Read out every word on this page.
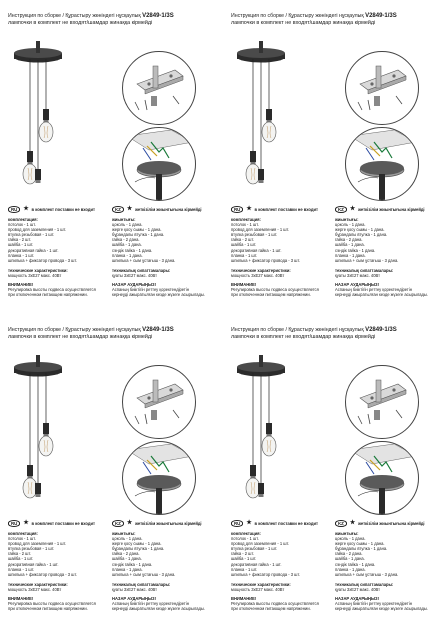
Инструкция по сборке / Құрастыру жөніндегі нұсқаулық V2849-1/3S
лампочки в комплект не входят/шамдар жинаққа кірмейді
RU	★ в комплект поставки не входит
комплектация:
потолок - 1 шт.
провод для заземления - 1 шт.
втулка резьбовая - 1 шт.
гайка - 2 шт.
шайба - 1 шт.
декоративная гайка - 1 шт.
планка - 1 шт.
шпилька + фиксатор провода - 3 шт.
технические характеристики:
мощность 3xE27 макс. 40Вт
ВНИМАНИЕ!
Регулировка высоты подвеса осуществляется
при отключенном питающем напряжении.
KZ	★ жеткізілім жиынтығына кірмейді
жиынтығы:
цоколь - 1 дана.
жерге қосу сымы - 1 дана.
бұрандалы втулка - 1 дана.
гайка - 2 дана.
шайба - 1 дана.
сәндік гайка - 1 дана.
планка - 1 дана.
шпилька + сым ұстағыш - 3 дана.
техникалық сипаттамалары:
қуаты 3xE27 макс. 40Вт
НАЗАР АУДАРЫҢЫЗ!
Аспаның биіктігін реттеу қоректендіретін
кернеуді ажыратылған кезде жүзеге асырылады.
Инструкция по сборке / Құрастыру жөніндегі нұсқаулық V2849-1/3S
лампочки в комплект не входят/шамдар жинаққа кірмейді
RU	★ в комплект поставки не входит
комплектация:
потолок - 1 шт.
провод для заземления - 1 шт.
втулка резьбовая - 1 шт.
гайка - 2 шт.
шайба - 1 шт.
декоративная гайка - 1 шт.
планка - 1 шт.
шпилька + фиксатор провода - 3 шт.
технические характеристики:
мощность 3xE27 макс. 40Вт
ВНИМАНИЕ!
Регулировка высоты подвеса осуществляется
при отключенном питающем напряжении.
KZ	★ жеткізілім жиынтығына кірмейді
жиынтығы:
цоколь - 1 дана.
жерге қосу сымы - 1 дана.
бұрандалы втулка - 1 дана.
гайка - 2 дана.
шайба - 1 дана.
сәндік гайка - 1 дана.
планка - 1 дана.
шпилька + сым ұстағыш - 3 дана.
техникалық сипаттамалары:
қуаты 3xE27 макс. 40Вт
НАЗАР АУДАРЫҢЫЗ!
Аспаның биіктігін реттеу қоректендіретін
кернеуді ажыратылған кезде жүзеге асырылады.
Инструкция по сборке / Құрастыру жөніндегі нұсқаулық V2849-1/3S
лампочки в комплект не входят/шамдар жинаққа кірмейді
RU	★ в комплект поставки не входит
комплектация:
потолок - 1 шт.
провод для заземления - 1 шт.
втулка резьбовая - 1 шт.
гайка - 2 шт.
шайба - 1 шт.
декоративная гайка - 1 шт.
планка - 1 шт.
шпилька + фиксатор провода - 3 шт.
технические характеристики:
мощность 3xE27 макс. 40Вт
ВНИМАНИЕ!
Регулировка высоты подвеса осуществляется
при отключенном питающем напряжении.
KZ	★ жеткізілім жиынтығына кірмейді
жиынтығы:
цоколь - 1 дана.
жерге қосу сымы - 1 дана.
бұрандалы втулка - 1 дана.
гайка - 2 дана.
шайба - 1 дана.
сәндік гайка - 1 дана.
планка - 1 дана.
шпилька + сым ұстағыш - 3 дана.
техникалық сипаттамалары:
қуаты 3xE27 макс. 40Вт
НАЗАР АУДАРЫҢЫЗ!
Аспаның биіктігін реттеу қоректендіретін
кернеуді ажыратылған кезде жүзеге асырылады.
Инструкция по сборке / Құрастыру жөніндегі нұсқаулық V2849-1/3S
лампочки в комплект не входят/шамдар жинаққа кірмейді
RU	★ в комплект поставки не входит
комплектация:
потолок - 1 шт.
провод для заземления - 1 шт.
втулка резьбовая - 1 шт.
гайка - 2 шт.
шайба - 1 шт.
декоративная гайка - 1 шт.
планка - 1 шт.
шпилька + фиксатор провода - 3 шт.
технические характеристики:
мощность 3xE27 макс. 40Вт
ВНИМАНИЕ!
Регулировка высоты подвеса осуществляется
при отключенном питающем напряжении.
KZ	★ жеткізілім жиынтығына кірмейді
жиынтығы:
цоколь - 1 дана.
жерге қосу сымы - 1 дана.
бұрандалы втулка - 1 дана.
гайка - 2 дана.
шайба - 1 дана.
сәндік гайка - 1 дана.
планка - 1 дана.
шпилька + сым ұстағыш - 3 дана.
техникалық сипаттамалары:
қуаты 3xE27 макс. 40Вт
НАЗАР АУДАРЫҢЫЗ!
Аспаның биіктігін реттеу қоректендіретін
кернеуді ажыратылған кезде жүзеге асырылады.
